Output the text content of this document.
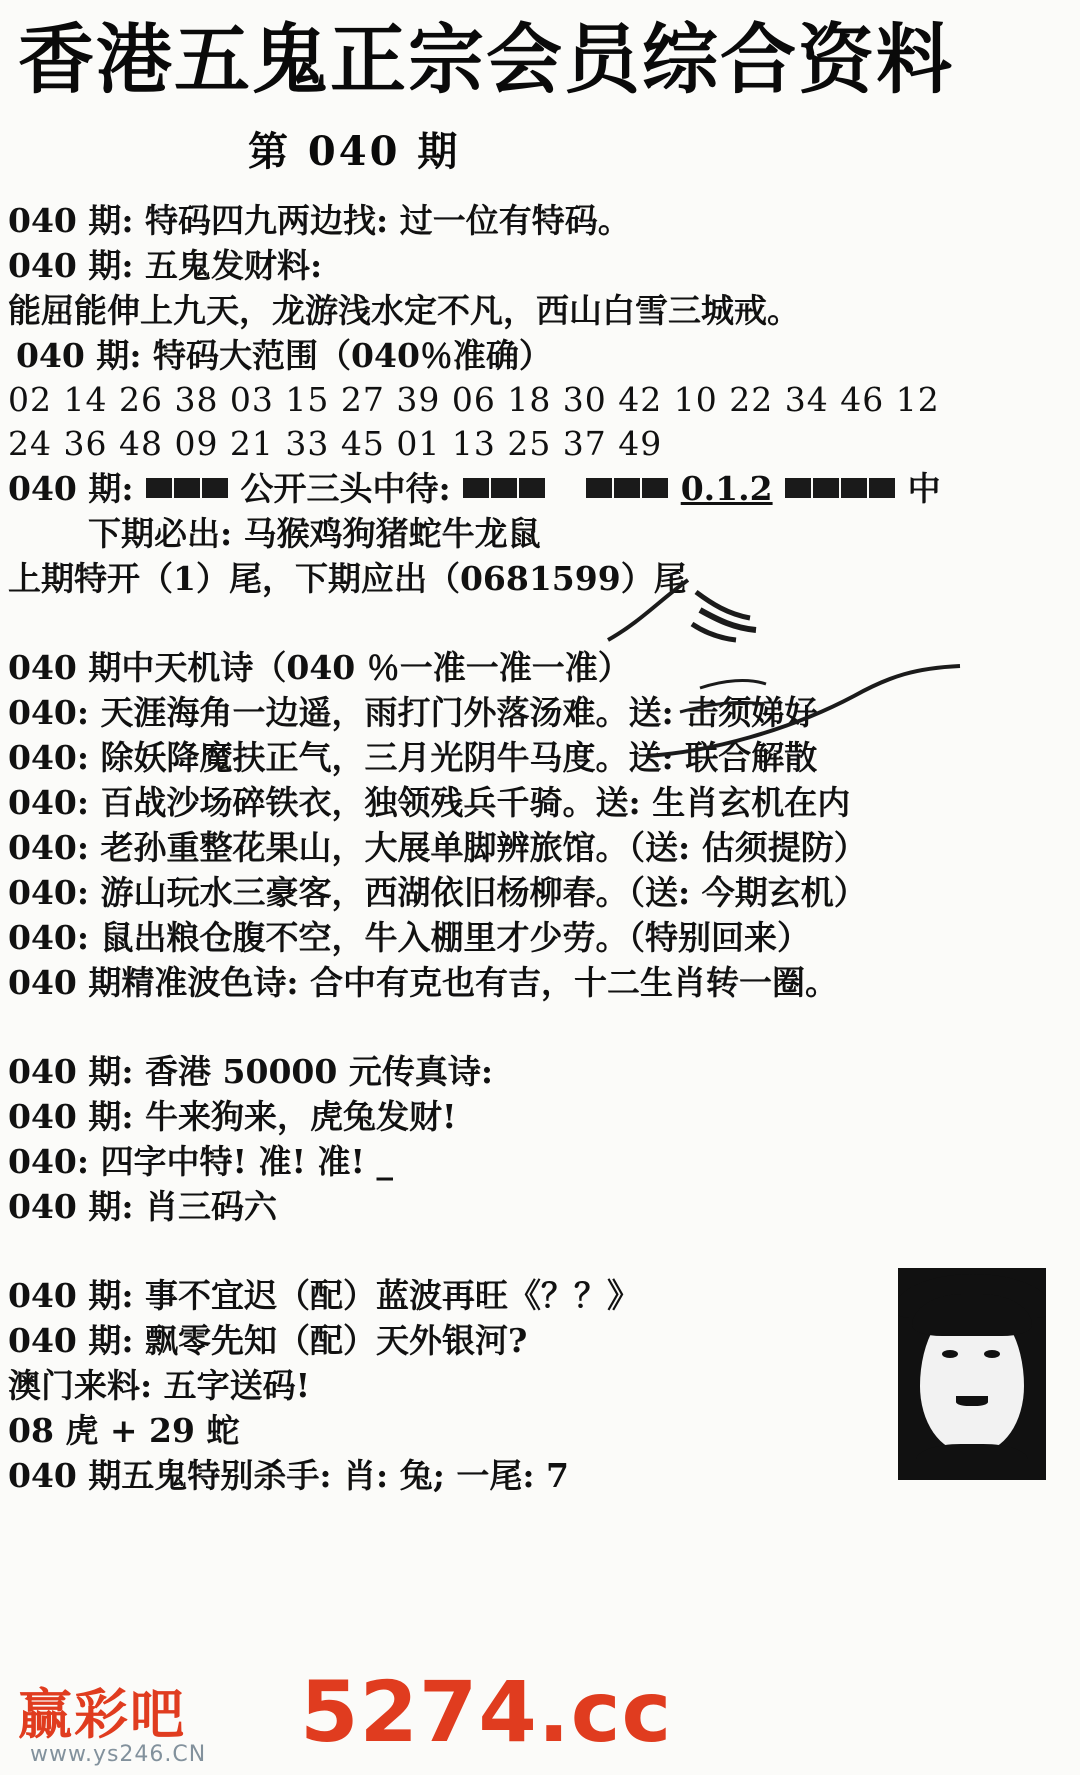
香港五鬼正宗会员综合资料
第 040 期
040 期: 特码四九两边找: 过一位有特码。
040 期: 五鬼发财料:
能屈能伸上九天，龙游浅水定不凡，西山白雪三城戒。
040 期: 特码大范围（040％准确）
02 14 26 38 03 15 27 39 06 18 30 42 10 22 34 46 12
24 36 48 09 21 33 45 01 13 25 37 49
040 期:	公开三头中待:	0.1.2	中
下期必出: 马猴鸡狗猪蛇牛龙鼠
上期特开（1）尾，下期应出（0681599）尾
040 期中天机诗（040 ％一准一准一准）
040: 天涯海角一边遥，雨打门外落汤难。送: 击须娣好
040: 除妖降魔扶正气，三月光阴牛马度。送: 联合解散
040: 百战沙场碎铁衣，独领残兵千骑。送: 生肖玄机在内
040: 老孙重整花果山，大展单脚辨旅馆。（送: 估须提防）
040: 游山玩水三豪客，西湖依旧杨柳春。（送: 今期玄机）
040: 鼠出粮仓腹不空，牛入棚里才少劳。（特别回来）
040 期精准波色诗: 合中有克也有吉，十二生肖转一圈。
040 期: 香港 50000 元传真诗:
040 期: 牛来狗来，虎兔发财!
040: 四字中特! 准! 准! _
040 期: 肖三码六
040 期: 事不宜迟（配）蓝波再旺《？？》
040 期: 飘零先知（配）天外银河?
澳门来料: 五字送码!
08 虎 + 29 蛇
040 期五鬼特别杀手: 肖: 兔; 一尾: 7
赢彩吧
www.ys246.CN 5274.cc
